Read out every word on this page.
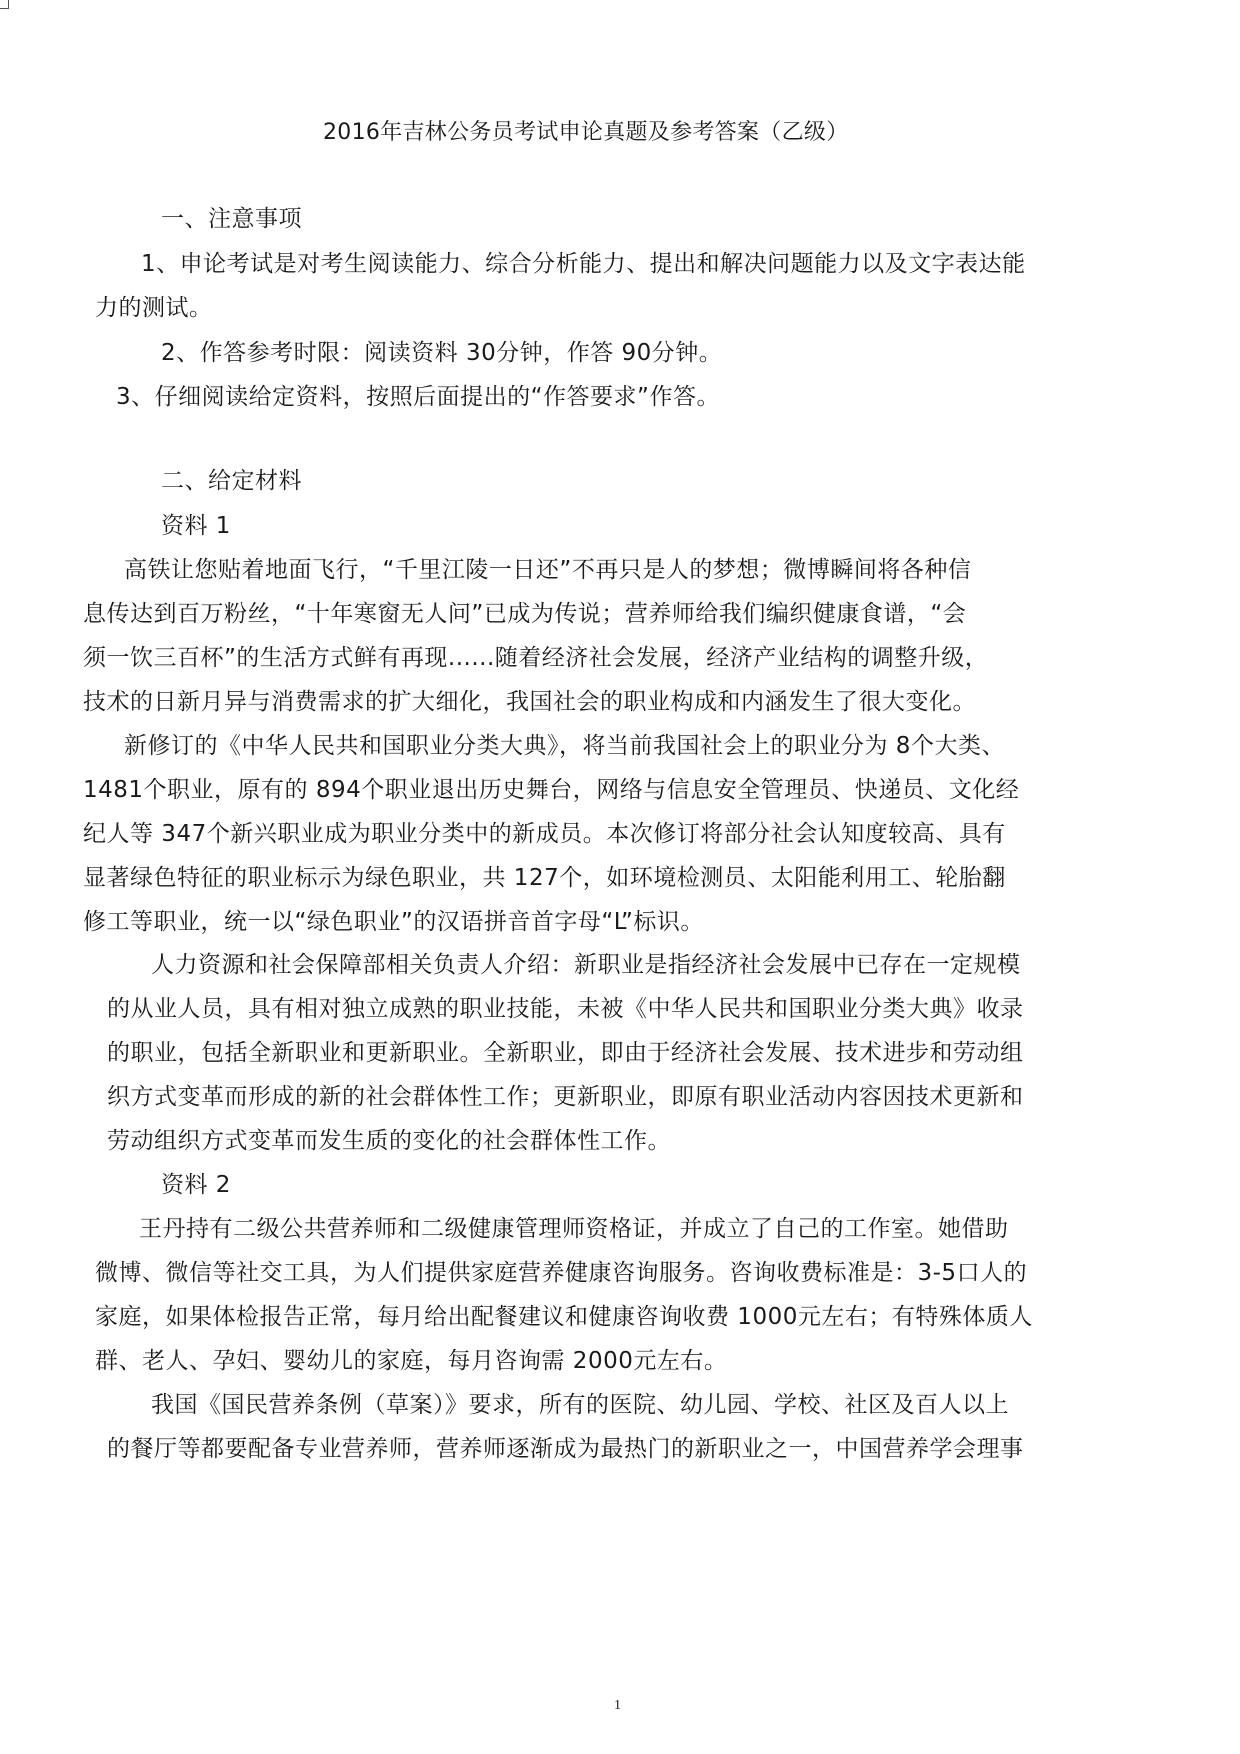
2016年吉林公务员考试申论真题及参考答案（乙级）
一、注意事项
1、申论考试是对考生阅读能力、综合分析能力、提出和解决问题能力以及文字表达能
力的测试。
2、作答参考时限：阅读资料 30分钟，作答 90分钟。
3、仔细阅读给定资料，按照后面提出的“作答要求”作答。
二、给定材料
资料 1
高铁让您贴着地面飞行，“千里江陵一日还”不再只是人的梦想；微博瞬间将各种信
息传达到百万粉丝，“十年寒窗无人问”已成为传说；营养师给我们编织健康食谱，“会
须一饮三百杯”的生活方式鲜有再现......随着经济社会发展，经济产业结构的调整升级，
技术的日新月异与消费需求的扩大细化，我国社会的职业构成和内涵发生了很大变化。
新修订的《中华人民共和国职业分类大典》，将当前我国社会上的职业分为 8个大类、
1481个职业，原有的 894个职业退出历史舞台，网络与信息安全管理员、快递员、文化经
纪人等 347个新兴职业成为职业分类中的新成员。本次修订将部分社会认知度较高、具有
显著绿色特征的职业标示为绿色职业，共 127个，如环境检测员、太阳能利用工、轮胎翻
修工等职业，统一以“绿色职业”的汉语拼音首字母“L”标识。
人力资源和社会保障部相关负责人介绍：新职业是指经济社会发展中已存在一定规模
的从业人员，具有相对独立成熟的职业技能，未被《中华人民共和国职业分类大典》收录
的职业，包括全新职业和更新职业。全新职业，即由于经济社会发展、技术进步和劳动组
织方式变革而形成的新的社会群体性工作；更新职业，即原有职业活动内容因技术更新和
劳动组织方式变革而发生质的变化的社会群体性工作。
资料 2
王丹持有二级公共营养师和二级健康管理师资格证，并成立了自己的工作室。她借助
微博、微信等社交工具，为人们提供家庭营养健康咨询服务。咨询收费标准是：3-5口人的
家庭，如果体检报告正常，每月给出配餐建议和健康咨询收费 1000元左右；有特殊体质人
群、老人、孕妇、婴幼儿的家庭，每月咨询需 2000元左右。
我国《国民营养条例（草案）》要求，所有的医院、幼儿园、学校、社区及百人以上
的餐厅等都要配备专业营养师，营养师逐渐成为最热门的新职业之一，中国营养学会理事
1
